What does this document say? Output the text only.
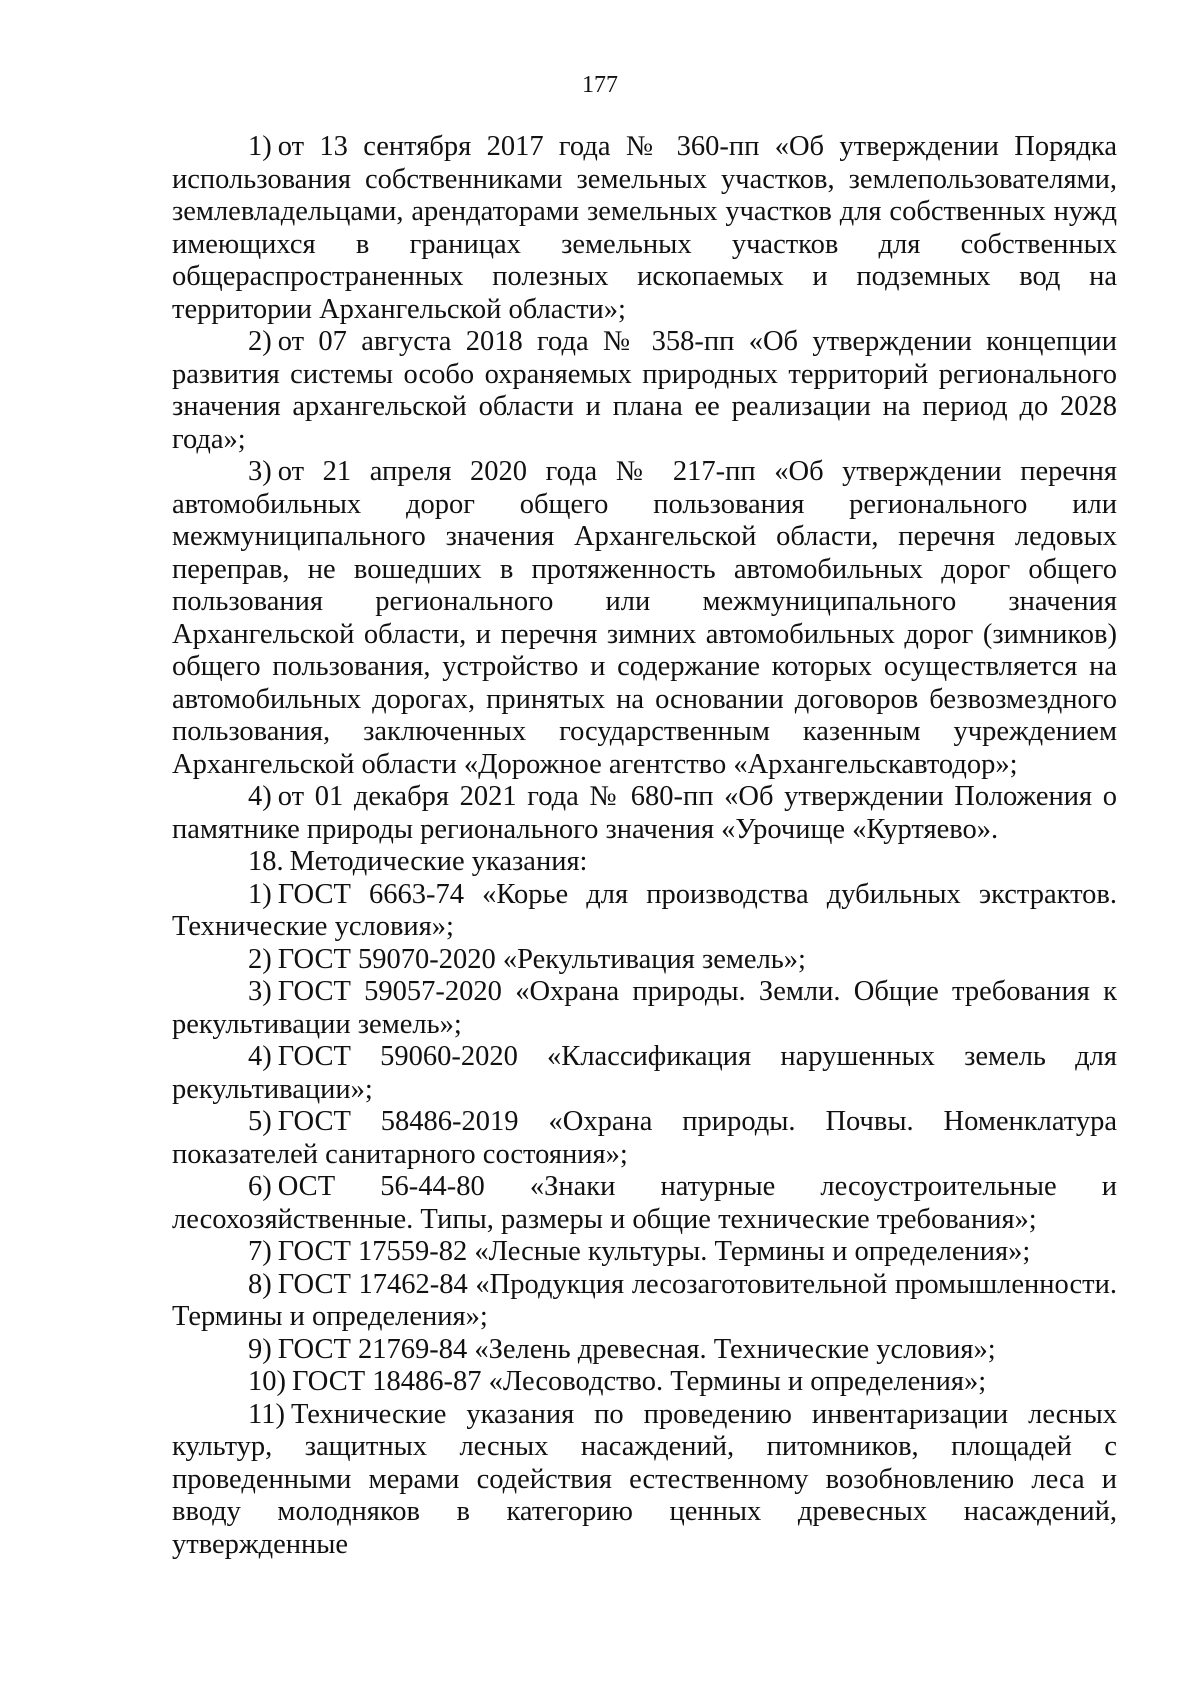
177

1) от 13 сентября 2017 года № 360-пп «Об утверждении Порядка использования собственниками земельных участков, землепользователями, землевладельцами, арендаторами земельных участков для собственных нужд имеющихся в границах земельных участков для собственных общераспространенных полезных ископаемых и подземных вод на территории Архангельской области»;

2) от 07 августа 2018 года № 358-пп «Об утверждении концепции развития системы особо охраняемых природных территорий регионального значения архангельской области и плана ее реализации на период до 2028 года»;

3) от 21 апреля 2020 года № 217-пп «Об утверждении перечня автомобильных дорог общего пользования регионального или межмуниципального значения Архангельской области, перечня ледовых переправ, не вошедших в протяженность автомобильных дорог общего пользования регионального или межмуниципального значения Архангельской области, и перечня зимних автомобильных дорог (зимников) общего пользования, устройство и содержание которых осуществляется на автомобильных дорогах, принятых на основании договоров безвозмездного пользования, заключенных государственным казенным учреждением Архангельской области «Дорожное агентство «Архангельскавтодор»;

4) от 01 декабря 2021 года № 680-пп «Об утверждении Положения о памятнике природы регионального значения «Урочище «Куртяево».

18. Методические указания:

1) ГОСТ 6663-74 «Корье для производства дубильных экстрактов. Технические условия»;

2) ГОСТ 59070-2020 «Рекультивация земель»;

3) ГОСТ 59057-2020 «Охрана природы. Земли. Общие требования к рекультивации земель»;

4) ГОСТ 59060-2020 «Классификация нарушенных земель для рекультивации»;

5) ГОСТ 58486-2019 «Охрана природы. Почвы. Номенклатура показателей санитарного состояния»;

6) ОСТ 56-44-80 «Знаки натурные лесоустроительные и лесохозяйственные. Типы, размеры и общие технические требования»;

7) ГОСТ 17559-82 «Лесные культуры. Термины и определения»;

8) ГОСТ 17462-84 «Продукция лесозаготовительной промышленности. Термины и определения»;

9) ГОСТ 21769-84 «Зелень древесная. Технические условия»;

10) ГОСТ 18486-87 «Лесоводство. Термины и определения»;

11) Технические указания по проведению инвентаризации лесных культур, защитных лесных насаждений, питомников, площадей с проведенными мерами содействия естественному возобновлению леса и вводу молодняков в категорию ценных древесных насаждений, утвержденные
